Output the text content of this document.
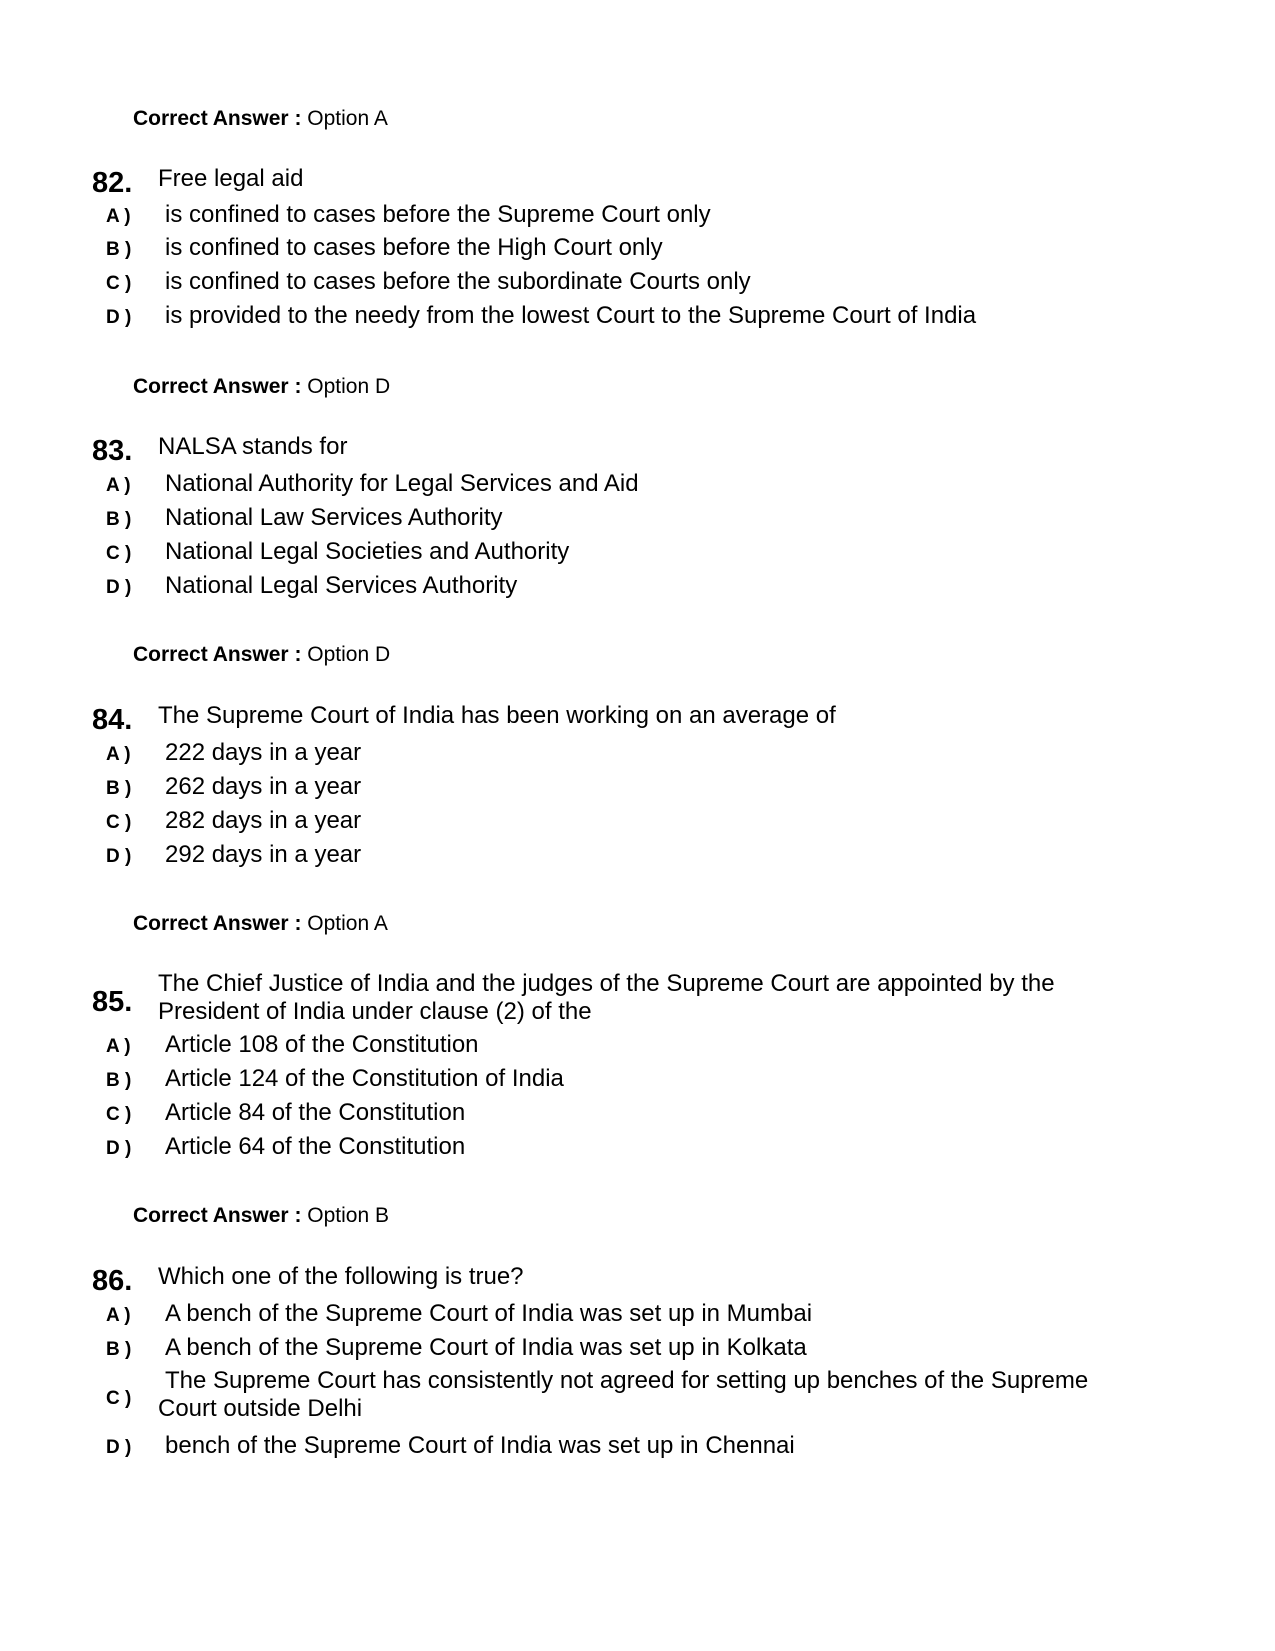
Correct Answer : Option A
82. Free legal aid
A ) is confined to cases before the Supreme Court only
B ) is confined to cases before the High Court only
C ) is confined to cases before the subordinate Courts only
D ) is provided to the needy from the lowest Court to the Supreme Court of India
Correct Answer : Option D
83. NALSA stands for
A ) National Authority for Legal Services and Aid
B ) National Law Services Authority
C ) National Legal Societies and Authority
D ) National Legal Services Authority
Correct Answer : Option D
84. The Supreme Court of India has been working on an average of
A ) 222 days in a year
B ) 262 days in a year
C ) 282 days in a year
D ) 292 days in a year
Correct Answer : Option A
85.
The Chief Justice of India and the judges of the Supreme Court are appointed by the President of India under clause (2) of the
A ) Article 108 of the Constitution
B ) Article 124 of the Constitution of India
C ) Article 84 of the Constitution
D ) Article 64 of the Constitution
Correct Answer : Option B
86. Which one of the following is true?
A ) A bench of the Supreme Court of India was set up in Mumbai
B ) A bench of the Supreme Court of India was set up in Kolkata
C )
The Supreme Court has consistently not agreed for setting up benches of the Supreme Court outside Delhi
D ) bench of the Supreme Court of India was set up in Chennai
